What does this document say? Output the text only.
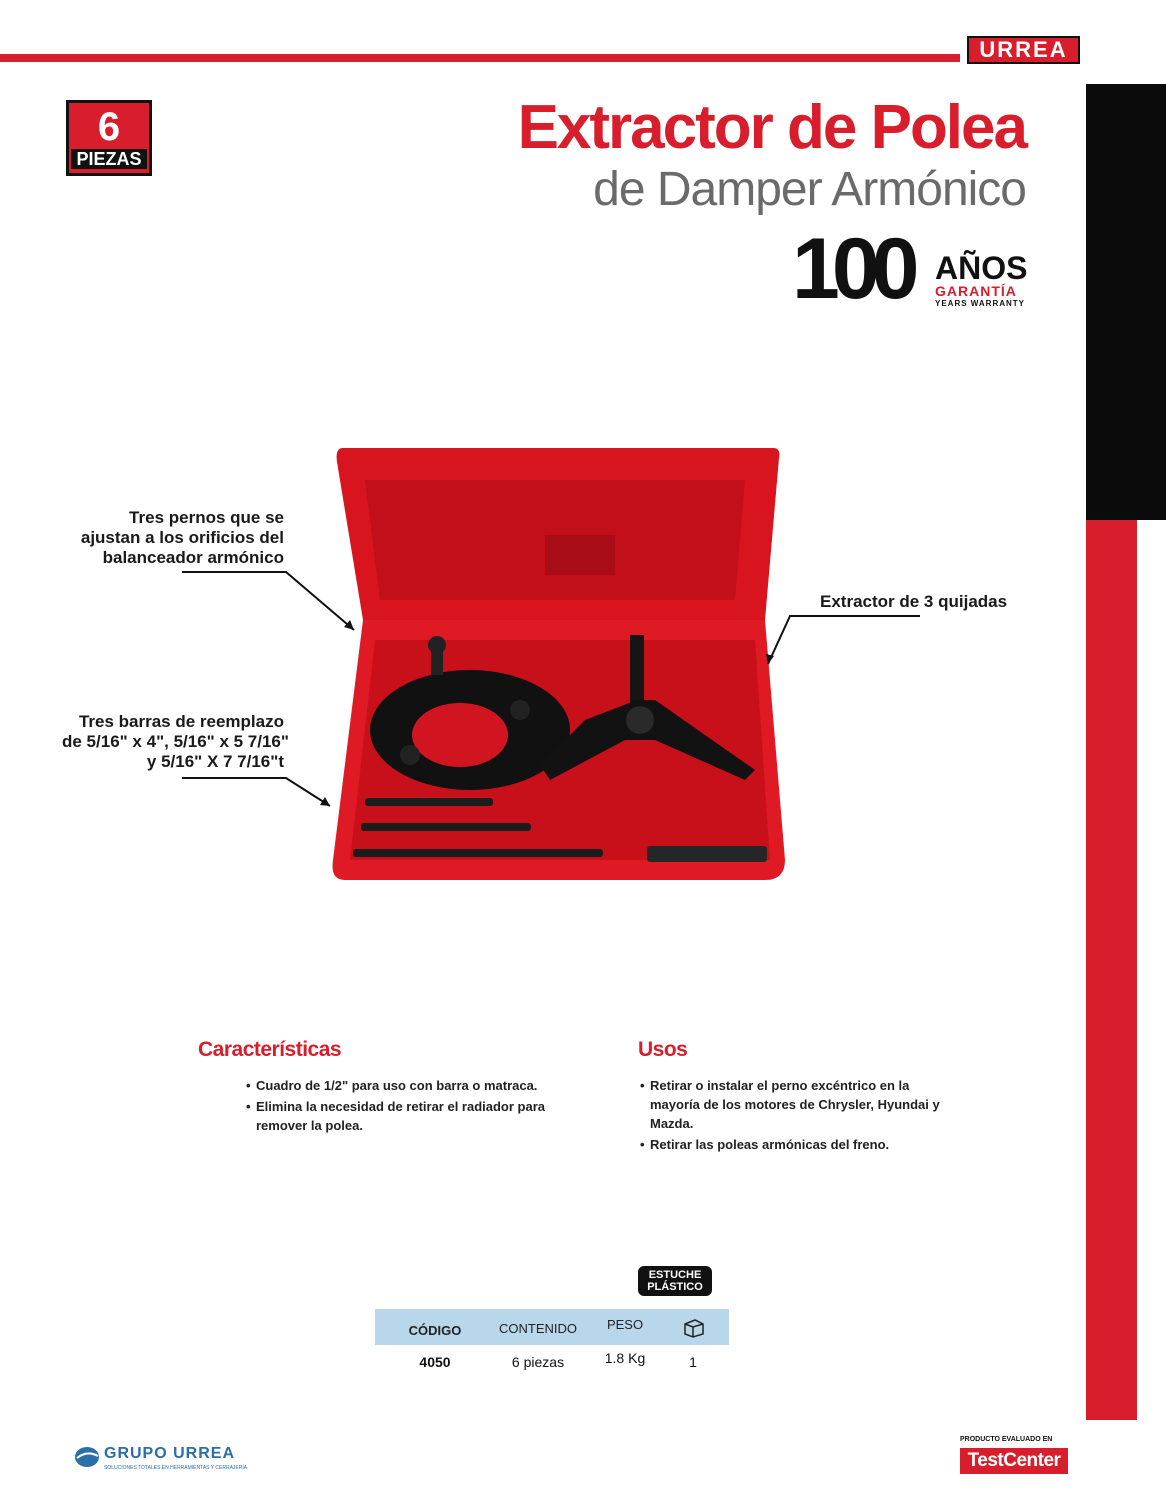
URREA
6
PIEZAS	Extractor de Polea
de Damper Armónico
100 AÑOS
GARANTÍA
YEARS WARRANTY
Tres pernos que se
ajustan a los orificios del
balanceador armónico
Extractor de 3 quijadas
Tres barras de reemplazo
de 5/16" x 4", 5/16" x 5 7/16"
y 5/16" X 7 7/16"t
Características
• Cuadro de 1/2" para uso con barra o matraca.
• Elimina la necesidad de retirar el radiador para remover la polea.
Usos
• Retirar o instalar el perno excéntrico en la mayoría de los motores de Chrysler, Hyundai y Mazda.
• Retirar las poleas armónicas del freno.
ESTUCHE
PLÁSTICO
CÓDIGO	CONTENIDO	PESO
4050	6 piezas	1.8 Kg	1
GRUPO URREA
SOLUCIONES TOTALES EN HERRAMIENTAS Y CERRAJERÍA
PRODUCTO EVALUADO EN
TestCenter
